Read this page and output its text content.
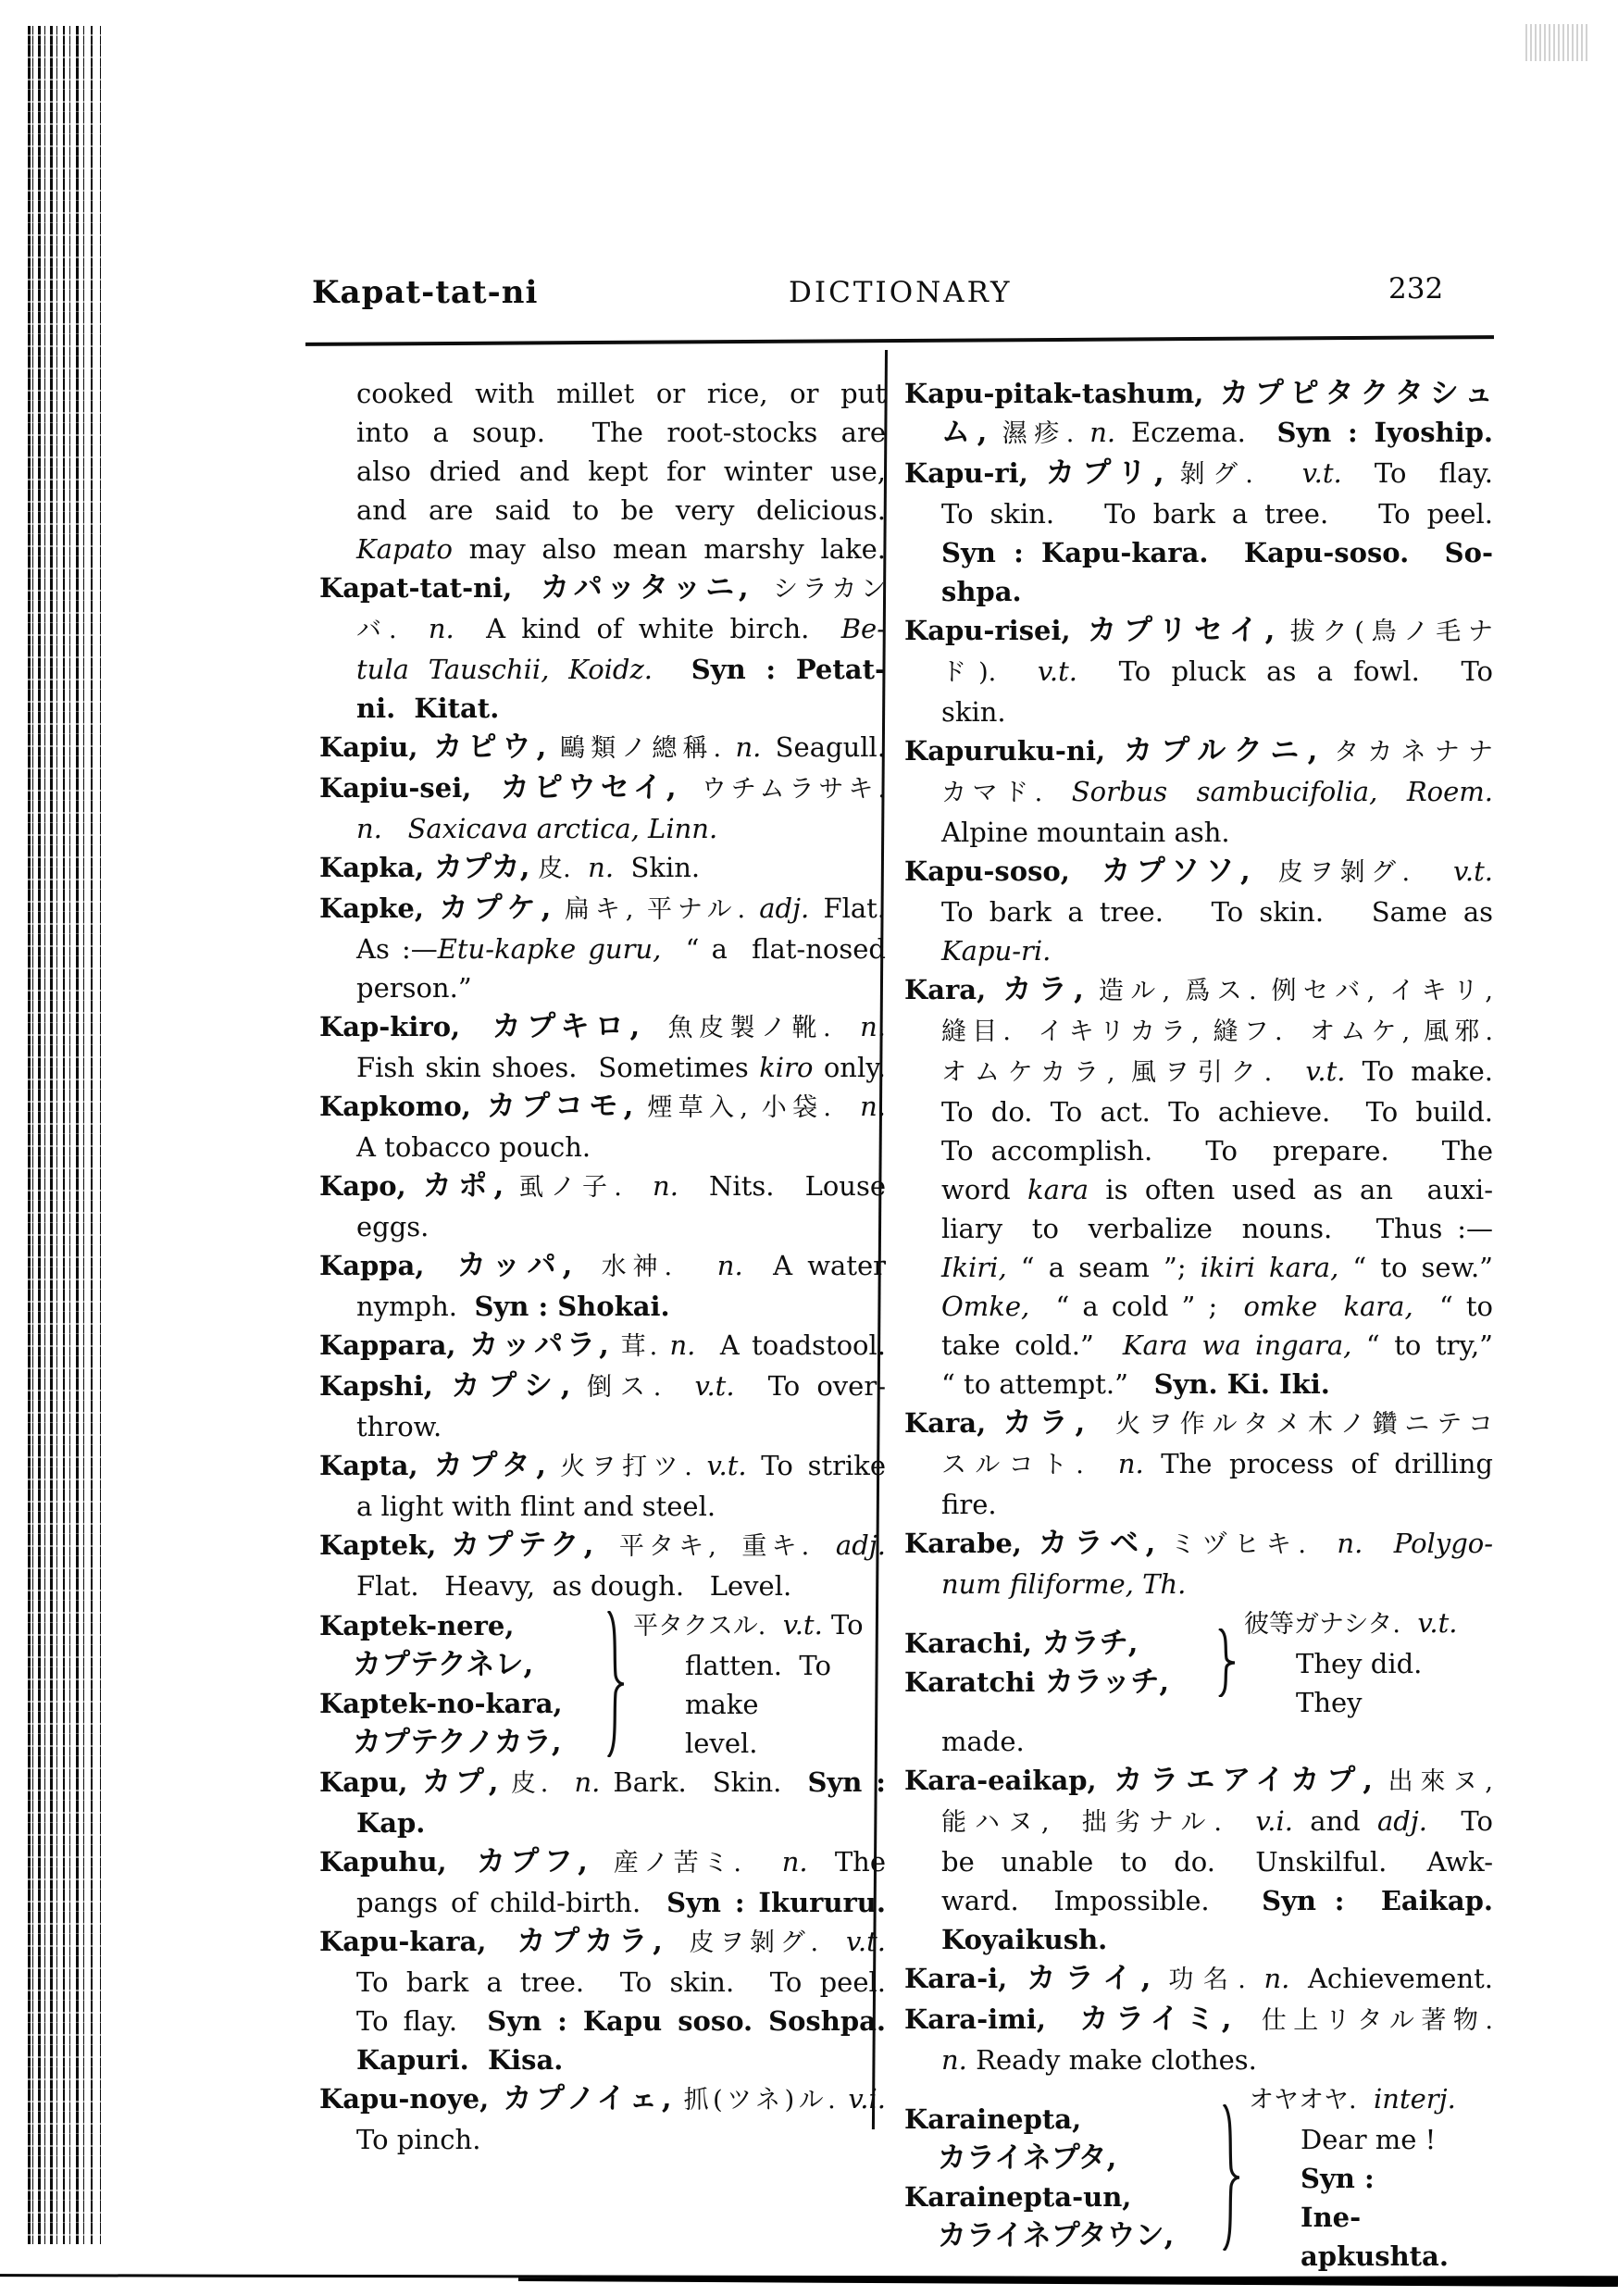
Kapat-tat-ni	DICTIONARY	232
cooked with millet or rice, or put
into a soup.  The root-stocks are
also dried and kept for winter use,
and are said to be very delicious.
Kapato may also mean marshy lake.
Kapat-tat-ni,  カパッタッニ,  シラカン
バ. n.  A kind of white birch.  Be-
tula Tauschii, Koidz. Syn : Petat-
ni.  Kitat.
Kapiu, カピウ, 鷗類ノ總稱. n. Seagull.
Kapiu-sei,  カピウセイ,  ウチムラサキ.
n. Saxicava arctica, Linn.
Kapka, カプカ, 皮. n.  Skin.
Kapke, カプケ, 扁キ, 平ナル. adj. Flat.
As :—Etu-kapke guru,  “ a  flat-nosed
person.”
Kap-kiro,  カプキロ,  魚皮製ノ靴. n.
Fish skin shoes.  Sometimes kiro only.
Kapkomo, カプコモ, 煙草入, 小袋. n.
A tobacco pouch.
Kapo, カポ, 虱ノ子. n.  Nits.  Louse
eggs.
Kappa,  カッパ,  水神. n.  A water
nymph.  Syn : Shokai.
Kappara, カッパラ, 茸. n.  A toadstool.
Kapshi, カプシ, 倒ス. v.t.  To over-
throw.
Kapta, カプタ, 火ヲ打ツ. v.t. To strike
a light with flint and steel.
Kaptek, カプテク,  平タキ,  重キ. adj.
Flat.   Heavy,  as dough.   Level.
Kaptek-nere,
カプテクネレ,
Kaptek-no-kara,
カプテクノカラ,
平タクスル. v.t. To
flatten.  To make
level.
Kapu, カプ, 皮. n. Bark.  Skin.  Syn :
Kap.
Kapuhu,  カプフ,  産ノ苦ミ. n.  The
pangs of child-birth.  Syn : Ikururu.
Kapu-kara,  カプカラ,  皮ヲ剝グ. v.t.
To bark a tree.  To skin.  To peel.
To flay.  Syn : Kapu soso. Soshpa.
Kapuri.  Kisa.
Kapu-noye, カプノイェ, 抓(ツネ)ル. v.i.
To pinch.
Kapu-pitak-tashum, カプピタクタシュ
ム, 濕疹. n. Eczema.  Syn : Iyoship.
Kapu-ri, カプリ, 剝グ. v.t.  To  flay.
To skin.   To bark a tree.   To peel.
Syn : Kapu-kara.  Kapu-soso.  So-
shpa.
Kapu-risei, カプリセイ, 拔ク(鳥ノ毛ナ
ド). v.t.  To pluck as a fowl.  To
skin.
Kapuruku-ni, カプルクニ, タカネナナ
カマド. Sorbus  sambucifolia,  Roem.
Alpine mountain ash.
Kapu-soso,  カプソソ,  皮ヲ剝グ. v.t.
To bark a tree.   To skin.   Same as
Kapu-ri.
Kara, カラ, 造ル, 爲ス. 例セバ, イキリ,
縫目.  イキリカラ, 縫フ.  オムケ, 風邪.
オムケカラ, 風ヲ引ク. v.t. To make.
To do. To act. To achieve.  To build.
To accomplish.   To  prepare.   The
word kara is often used as an  auxi-
liary  to  verbalize  nouns.   Thus :—
Ikiri, “ a seam ”; ikiri kara, “ to sew.”
Omke,  “ a cold ” ;  omke  kara,  “ to
take cold.”  Kara wa ingara, “ to try,”
“ to attempt.”   Syn. Ki. Iki.
Kara, カラ,  火ヲ作ルタメ木ノ鑽ニテコ
スルコト. n. The process of drilling
fire.
Karabe, カラベ, ミヅヒキ. n. Polygo-
num filiforme, Th.
Karachi, カラチ,
Karatchi カラッチ,
彼等ガナシタ. v.t.
They did.  They
made.
Kara-eaikap, カラエアイカプ, 出來ヌ,
能ハヌ,  拙劣ナル. v.i. and adj.  To
be  unable  to  do.   Unskilful.   Awk-
ward.  Impossible.   Syn :  Eaikap.
Koyaikush.
Kara-i, カライ, 功名. n. Achievement.
Kara-imi,  カライミ,  仕上リタル著物.
n. Ready make clothes.
Karainepta,
カライネプタ,
Karainepta-un,
カライネプタウン,
オヤオヤ. interj.
Dear me !  Syn :
Ine-apkushta.
